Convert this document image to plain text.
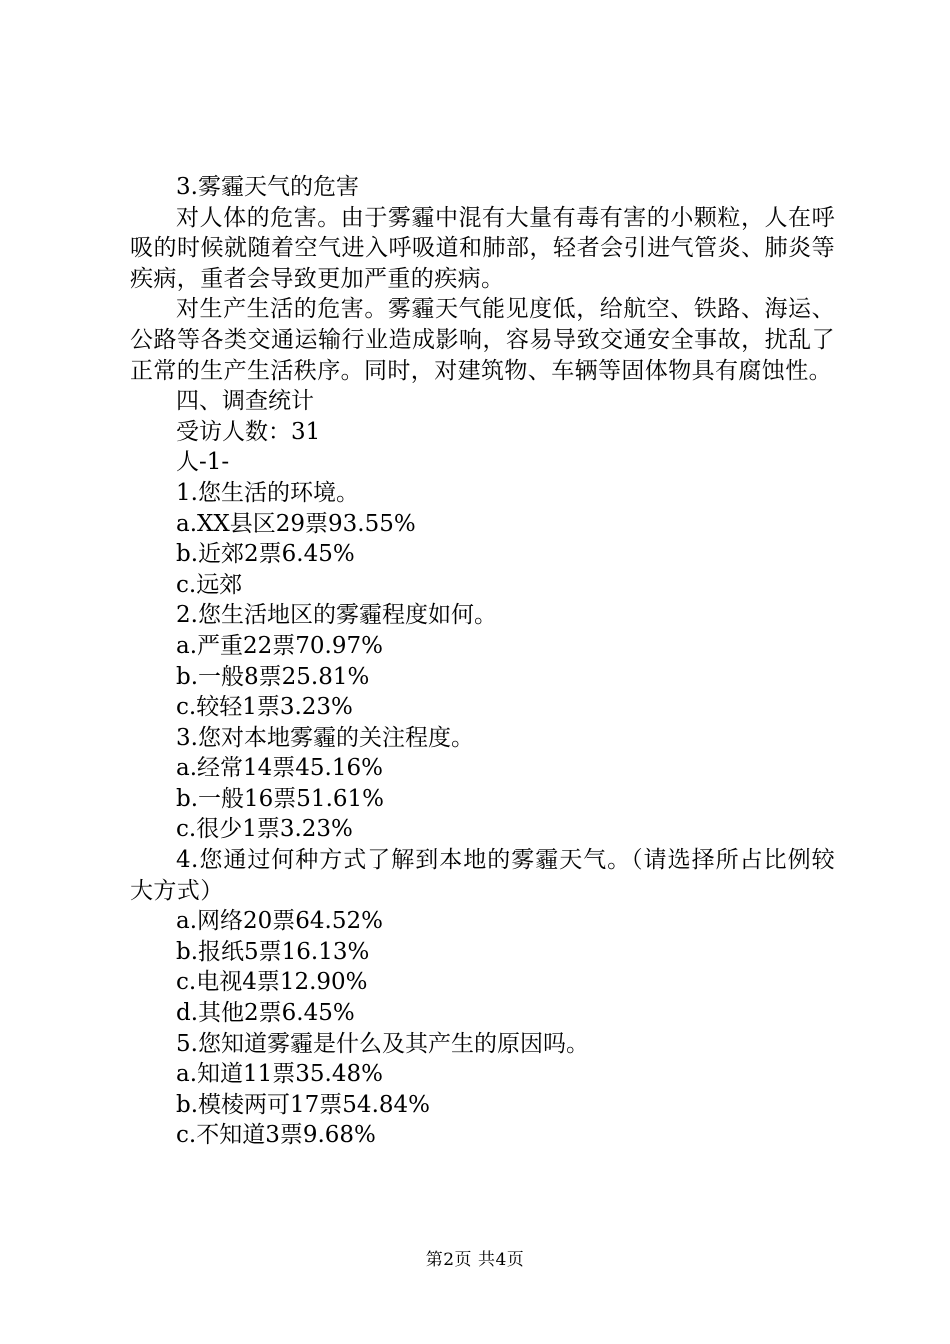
3.雾霾天气的危害

对人体的危害。由于雾霾中混有大量有毒有害的小颗粒，人在呼吸的时候就随着空气进入呼吸道和肺部，轻者会引进气管炎、肺炎等疾病，重者会导致更加严重的疾病。

对生产生活的危害。雾霾天气能见度低，给航空、铁路、海运、公路等各类交通运输行业造成影响，容易导致交通安全事故，扰乱了正常的生产生活秩序。同时，对建筑物、车辆等固体物具有腐蚀性。

四、调查统计

受访人数：31

人-1-

1.您生活的环境。

a.XX县区29票93.55%

b.近郊2票6.45%

c.远郊

2.您生活地区的雾霾程度如何。

a.严重22票70.97%

b.一般8票25.81%

c.较轻1票3.23%

3.您对本地雾霾的关注程度。

a.经常14票45.16%

b.一般16票51.61%

c.很少1票3.23%

4.您通过何种方式了解到本地的雾霾天气。（请选择所占比例较大方式）

a.网络20票64.52%

b.报纸5票16.13%

c.电视4票12.90%

d.其他2票6.45%

5.您知道雾霾是什么及其产生的原因吗。

a.知道11票35.48%

b.模棱两可17票54.84%

c.不知道3票9.68%

第2页 共4页
